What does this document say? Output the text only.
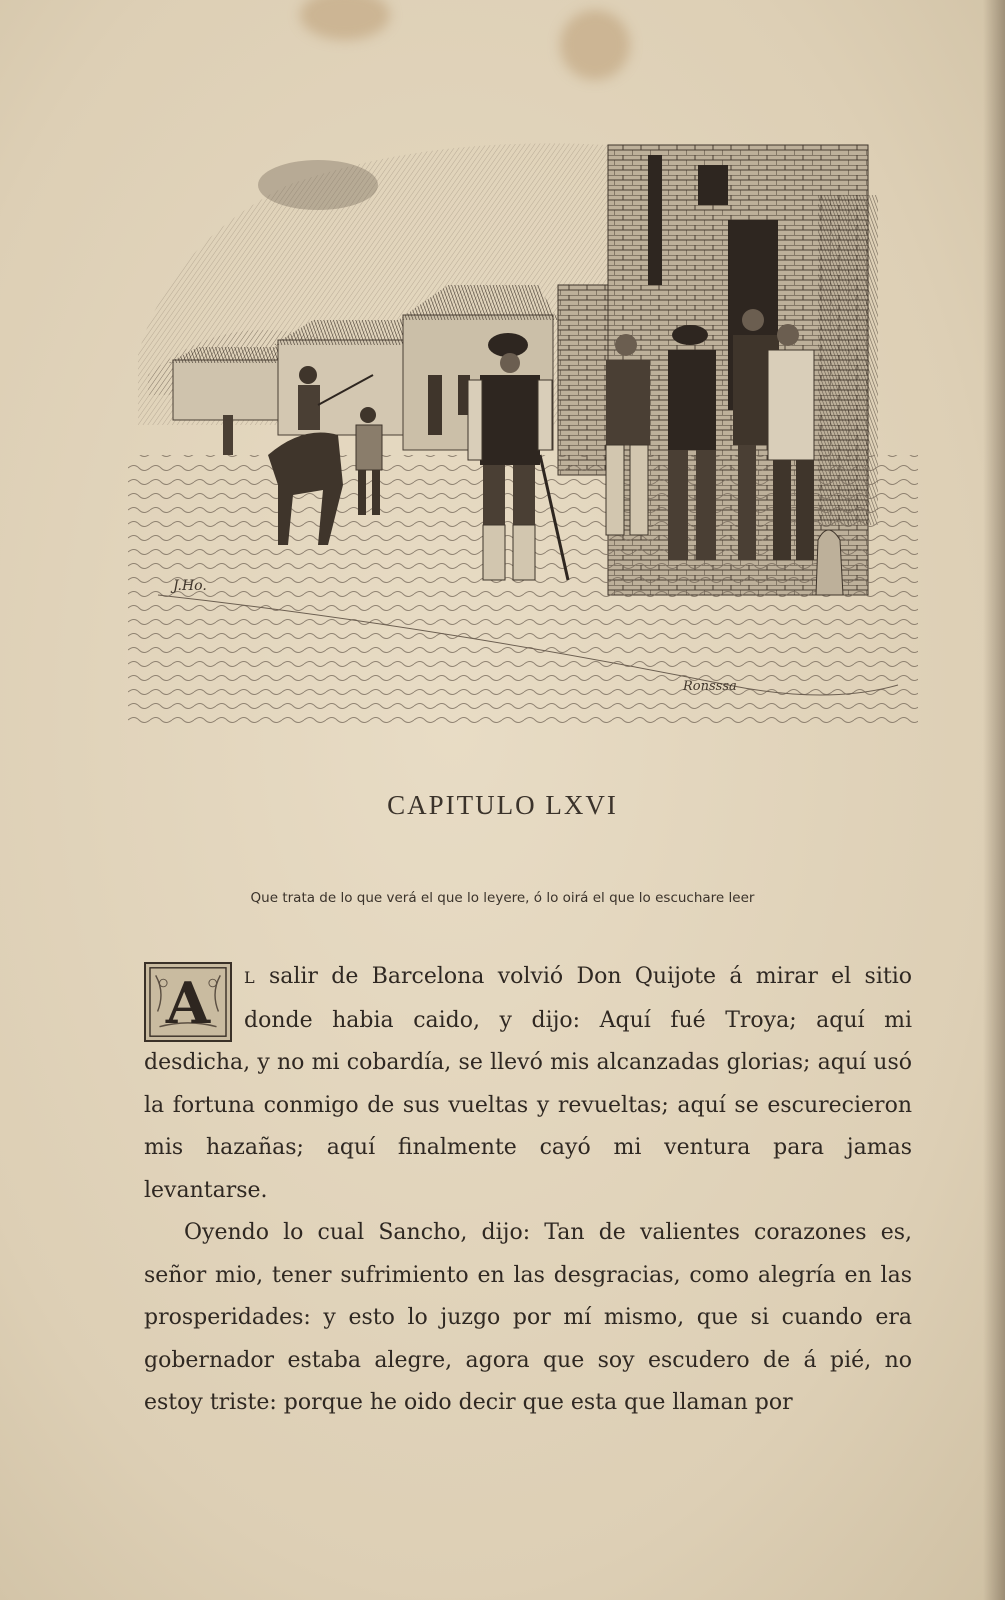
J.Ho.
Ronsssa
CAPITULO LXVI
Que trata de lo que verá el que lo leyere, ó lo oirá el que lo escuchare leer

A L salir de Barcelona volvió Don Quijote á mirar el sitio donde habia caido, y dijo: Aquí fué Troya; aquí mi desdicha, y no mi cobardía, se llevó mis alcanzadas glorias; aquí usó la fortuna conmigo de sus vueltas y revueltas; aquí se escurecieron mis hazañas; aquí finalmente cayó mi ventura para jamas levantarse.

Oyendo lo cual Sancho, dijo: Tan de valientes corazones es, señor mio, tener sufrimiento en las desgracias, como alegría en las prosperidades: y esto lo juzgo por mí mismo, que si cuando era gobernador estaba alegre, agora que soy escudero de á pié, no estoy triste: porque he oido decir que esta que llaman por
